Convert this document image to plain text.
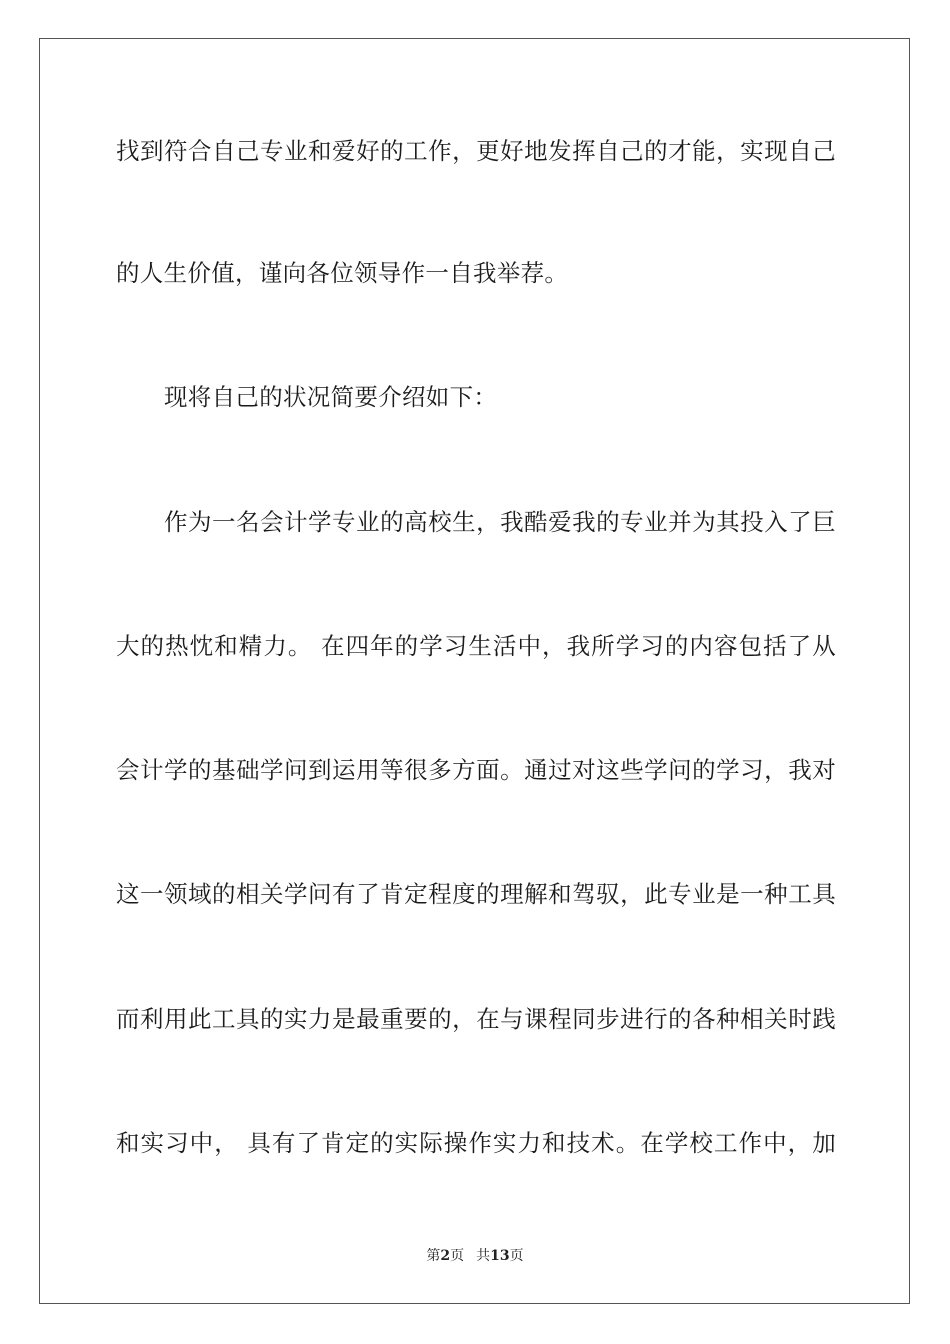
找到符合自己专业和爱好的工作，更好地发挥自己的才能，实现自己
的人生价值，谨向各位领导作一自我举荐。
现将自己的状况简要介绍如下：
作为一名会计学专业的高校生，我酷爱我的专业并为其投入了巨
大的热忱和精力。 在四年的学习生活中，我所学习的内容包括了从
会计学的基础学问到运用等很多方面。通过对这些学问的学习，我对
这一领域的相关学问有了肯定程度的理解和驾驭，此专业是一种工具
而利用此工具的实力是最重要的，在与课程同步进行的各种相关时践
和实习中， 具有了肯定的实际操作实力和技术。在学校工作中，加
第2页 共13页
